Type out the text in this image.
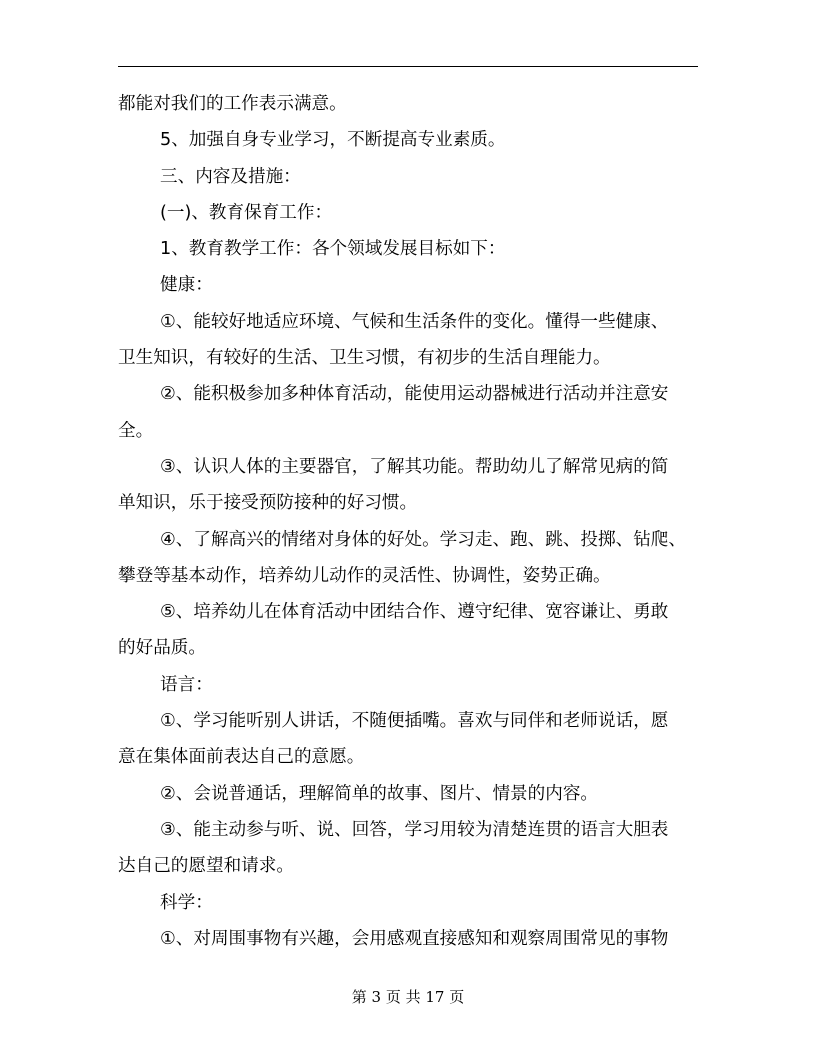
都能对我们的工作表示满意。

5、加强自身专业学习，不断提高专业素质。

三、内容及措施：

(一)、教育保育工作：

1、教育教学工作：各个领域发展目标如下：

健康：

①、能较好地适应环境、气候和生活条件的变化。懂得一些健康、

卫生知识，有较好的生活、卫生习惯，有初步的生活自理能力。

②、能积极参加多种体育活动，能使用运动器械进行活动并注意安

全。

③、认识人体的主要器官，了解其功能。帮助幼儿了解常见病的简

单知识，乐于接受预防接种的好习惯。

④、了解高兴的情绪对身体的好处。学习走、跑、跳、投掷、钻爬、

攀登等基本动作，培养幼儿动作的灵活性、协调性，姿势正确。

⑤、培养幼儿在体育活动中团结合作、遵守纪律、宽容谦让、勇敢

的好品质。

语言：

①、学习能听别人讲话，不随便插嘴。喜欢与同伴和老师说话，愿

意在集体面前表达自己的意愿。

②、会说普通话，理解简单的故事、图片、情景的内容。

③、能主动参与听、说、回答，学习用较为清楚连贯的语言大胆表

达自己的愿望和请求。

科学：

①、对周围事物有兴趣，会用感观直接感知和观察周围常见的事物

第 3 页 共 17 页
